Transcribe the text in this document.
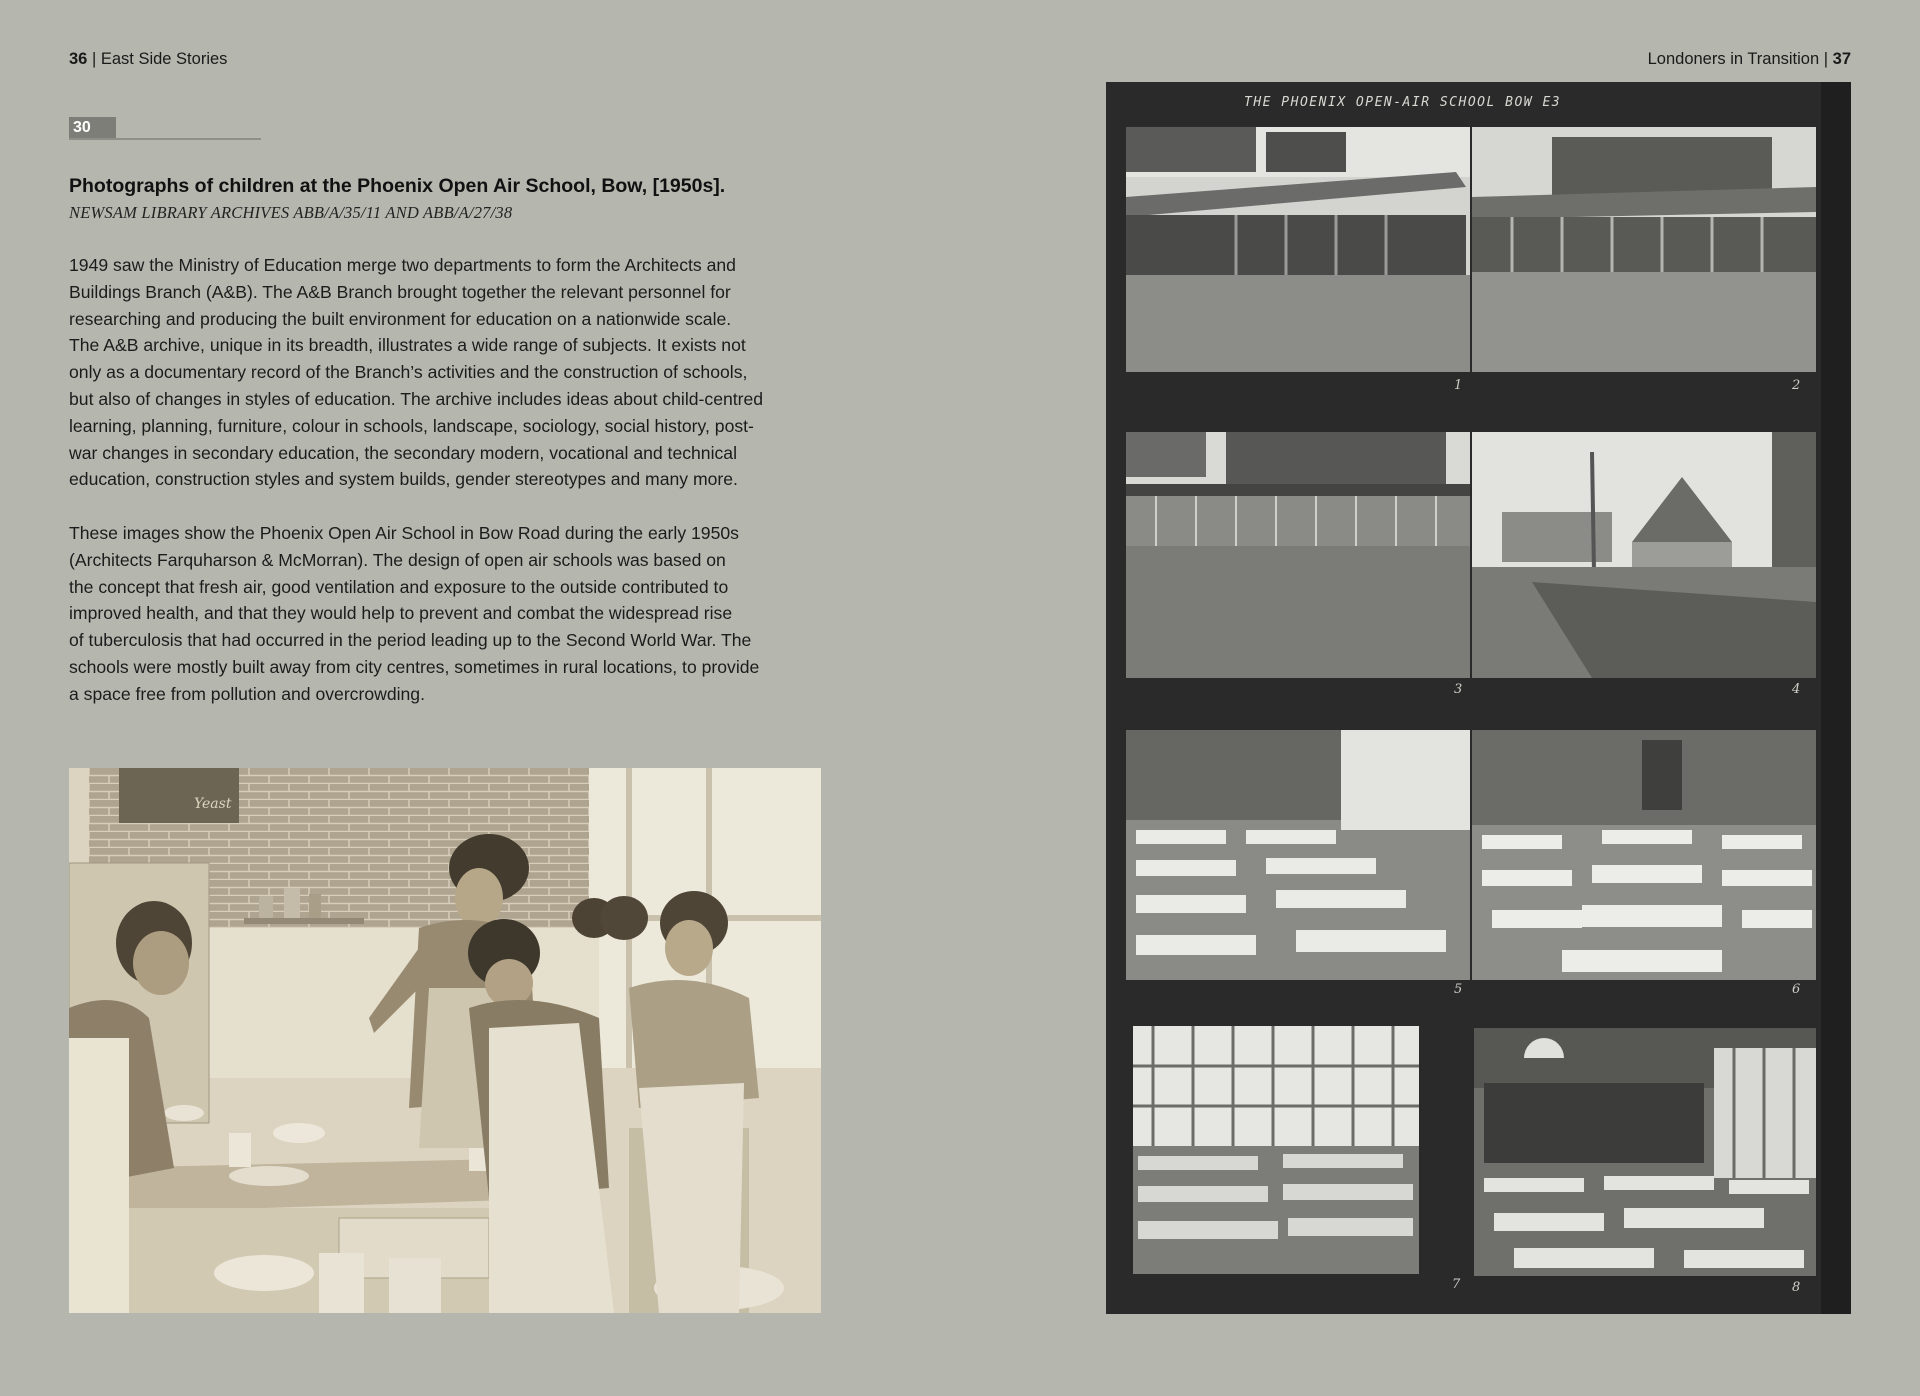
36 | East Side Stories	Londoners in Transition | 37
30
Photographs of children at the Phoenix Open Air School, Bow, [1950s].
NEWSAM LIBRARY ARCHIVES ABB/A/35/11 AND ABB/A/27/38
1949 saw the Ministry of Education merge two departments to form the Architects and
Buildings Branch (A&B). The A&B Branch brought together the relevant personnel for
researching and producing the built environment for education on a nationwide scale.
The A&B archive, unique in its breadth, illustrates a wide range of subjects. It exists not
only as a documentary record of the Branch’s activities and the construction of schools,
but also of changes in styles of education. The archive includes ideas about child-centred
learning, planning, furniture, colour in schools, landscape, sociology, social history, post-
war changes in secondary education, the secondary modern, vocational and technical
education, construction styles and system builds, gender stereotypes and many more.
These images show the Phoenix Open Air School in Bow Road during the early 1950s
(Architects Farquharson & McMorran). The design of open air schools was based on
the concept that fresh air, good ventilation and exposure to the outside contributed to
improved health, and that they would help to prevent and combat the widespread rise
of tuberculosis that had occurred in the period leading up to the Second World War. The
schools were mostly built away from city centres, sometimes in rural locations, to provide
a space free from pollution and overcrowding.
Yeast
THE PHOENIX OPEN-AIR SCHOOL BOW E3
1	2
3	4
5	6
7	8
